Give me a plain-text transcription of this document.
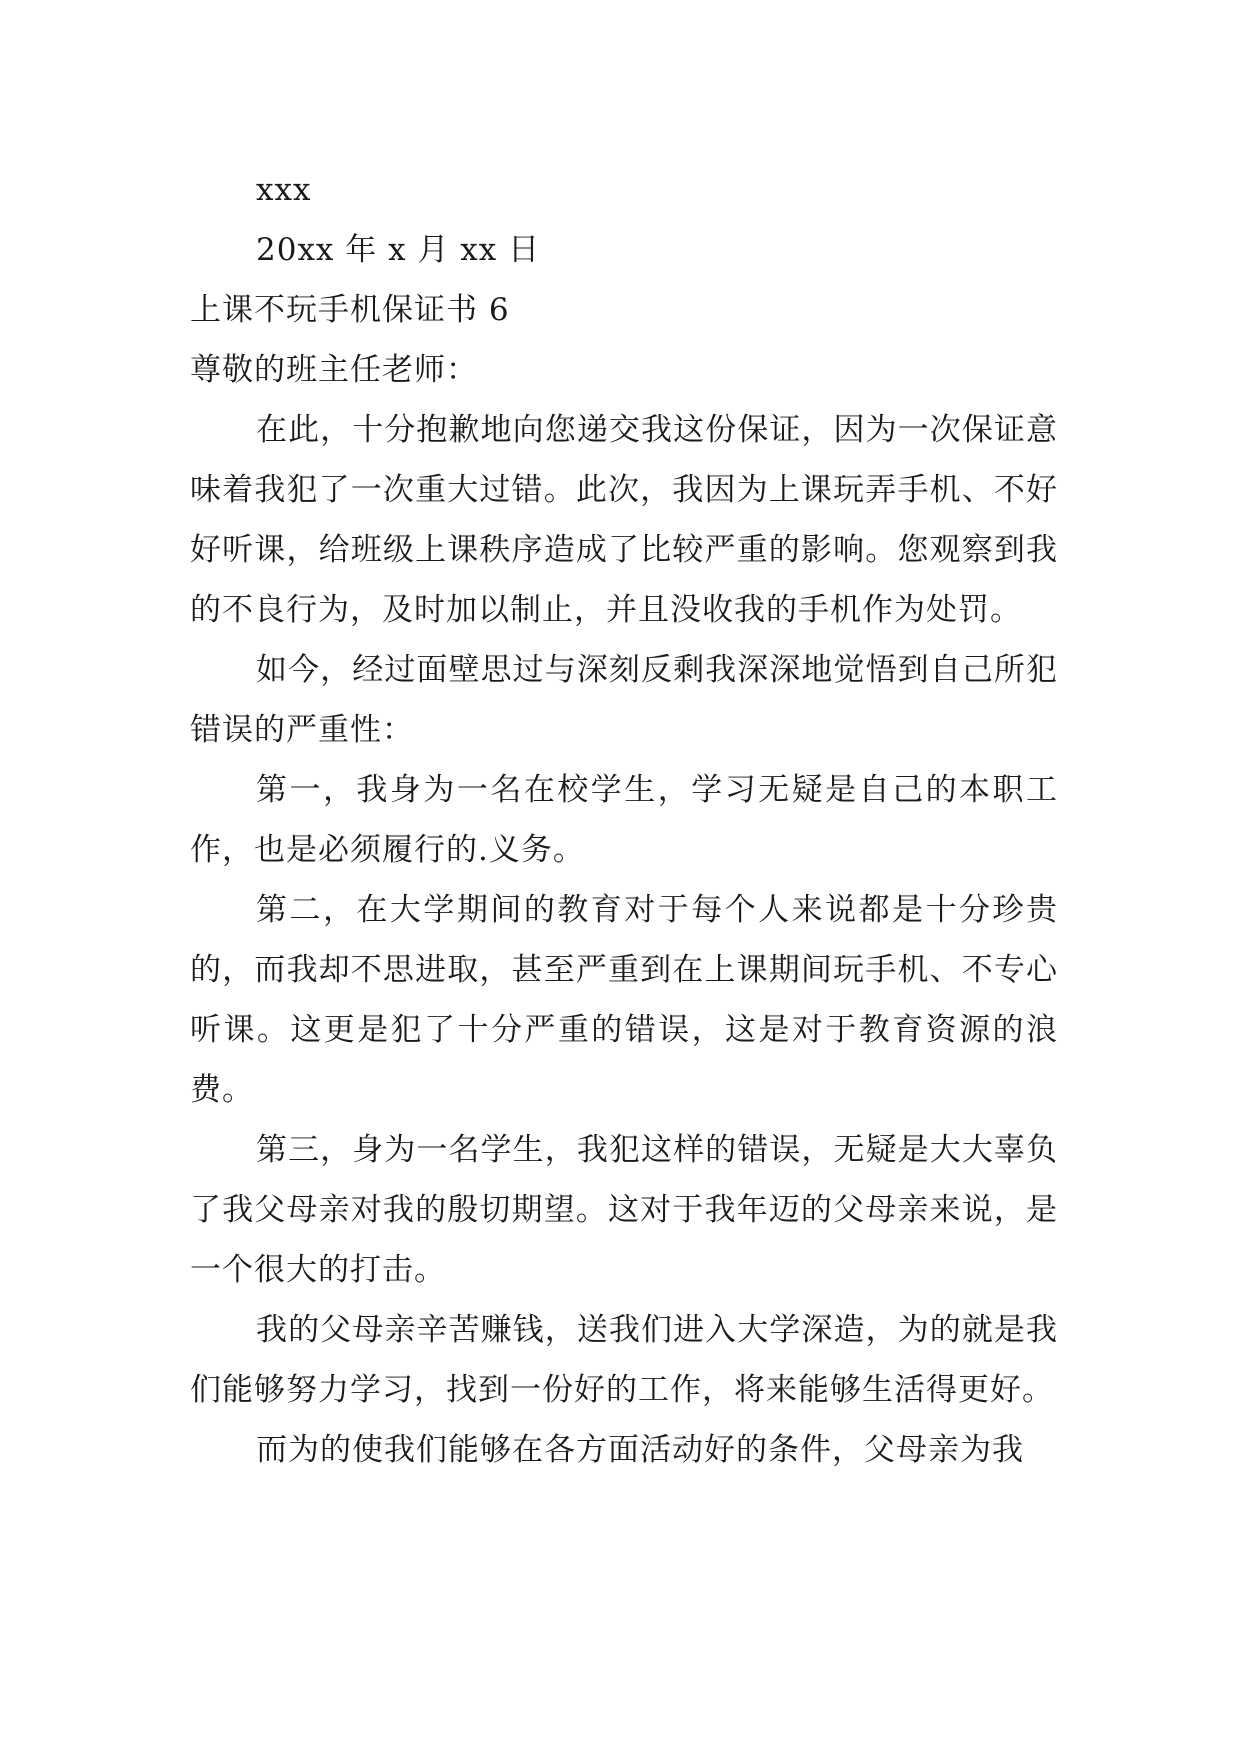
xxx

20xx 年 x 月 xx 日

上课不玩手机保证书 6

尊敬的班主任老师：

在此，十分抱歉地向您递交我这份保证，因为一次保证意味着我犯了一次重大过错。此次，我因为上课玩弄手机、不好好听课，给班级上课秩序造成了比较严重的影响。您观察到我的不良行为，及时加以制止，并且没收我的手机作为处罚。

如今，经过面壁思过与深刻反剩我深深地觉悟到自己所犯错误的严重性：

第一，我身为一名在校学生，学习无疑是自己的本职工作，也是必须履行的.义务。

第二，在大学期间的教育对于每个人来说都是十分珍贵的，而我却不思进取，甚至严重到在上课期间玩手机、不专心听课。这更是犯了十分严重的错误，这是对于教育资源的浪费。

第三，身为一名学生，我犯这样的错误，无疑是大大辜负了我父母亲对我的殷切期望。这对于我年迈的父母亲来说，是一个很大的打击。

我的父母亲辛苦赚钱，送我们进入大学深造，为的就是我们能够努力学习，找到一份好的工作，将来能够生活得更好。

而为的使我们能够在各方面活动好的条件，父母亲为我
